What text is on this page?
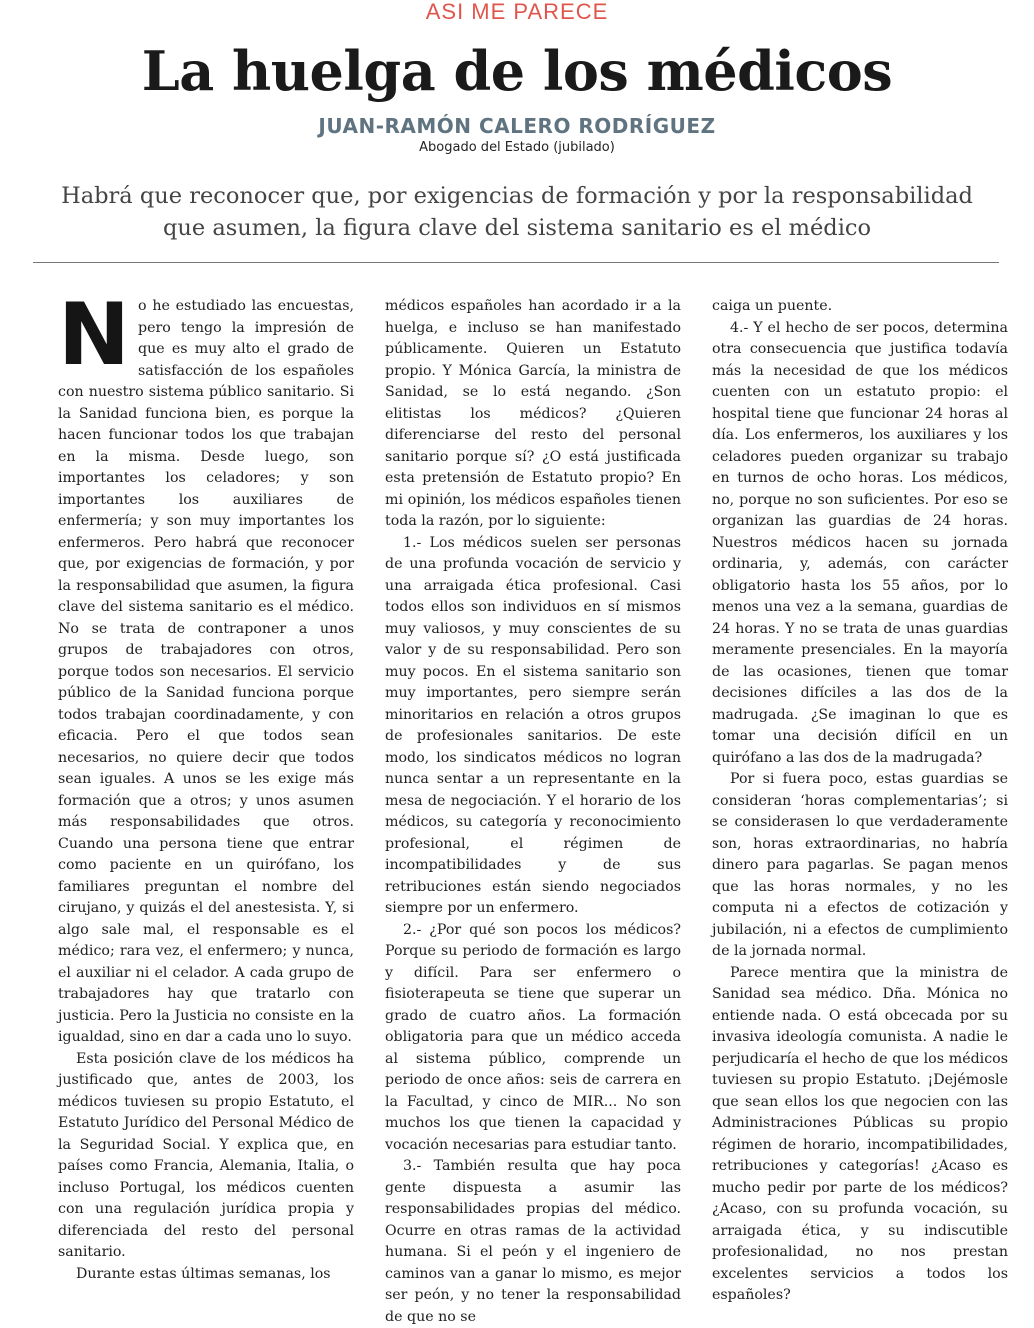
ASI ME PARECE
La huelga de los médicos
JUAN-RAMÓN CALERO RODRÍGUEZ
Abogado del Estado (jubilado)
Habrá que reconocer que, por exigencias de formación y por la responsabilidad que asumen, la figura clave del sistema sanitario es el médico

No he estudiado las encuestas, pero tengo la impresión de que es muy alto el grado de satisfacción de los españoles con nuestro sistema público sanitario. Si la Sanidad funciona bien, es porque la hacen funcionar todos los que trabajan en la misma. Desde luego, son importantes los celadores; y son importantes los auxiliares de enfermería; y son muy importantes los enfermeros. Pero habrá que reconocer que, por exigencias de formación, y por la responsabilidad que asumen, la figura clave del sistema sanitario es el médico. No se trata de contraponer a unos grupos de trabajadores con otros, porque todos son necesarios. El servicio público de la Sanidad funciona porque todos trabajan coordinadamente, y con eficacia. Pero el que todos sean necesarios, no quiere decir que todos sean iguales. A unos se les exige más formación que a otros; y unos asumen más responsabilidades que otros. Cuando una persona tiene que entrar como paciente en un quirófano, los familiares preguntan el nombre del cirujano, y quizás el del anestesista. Y, si algo sale mal, el responsable es el médico; rara vez, el enfermero; y nunca, el auxiliar ni el celador. A cada grupo de trabajadores hay que tratarlo con justicia. Pero la Justicia no consiste en la igualdad, sino en dar a cada uno lo suyo.

Esta posición clave de los médicos ha justificado que, antes de 2003, los médicos tuviesen su propio Estatuto, el Estatuto Jurídico del Personal Médico de la Seguridad Social. Y explica que, en países como Francia, Alemania, Italia, o incluso Portugal, los médicos cuenten con una regulación jurídica propia y diferenciada del resto del personal sanitario.

Durante estas últimas semanas, los

médicos españoles han acordado ir a la huelga, e incluso se han manifestado públicamente. Quieren un Estatuto propio. Y Mónica García, la ministra de Sanidad, se lo está negando. ¿Son elitistas los médicos? ¿Quieren diferenciarse del resto del personal sanitario porque sí? ¿O está justificada esta pretensión de Estatuto propio? En mi opinión, los médicos españoles tienen toda la razón, por lo siguiente:

1.- Los médicos suelen ser personas de una profunda vocación de servicio y una arraigada ética profesional. Casi todos ellos son individuos en sí mismos muy valiosos, y muy conscientes de su valor y de su responsabilidad. Pero son muy pocos. En el sistema sanitario son muy importantes, pero siempre serán minoritarios en relación a otros grupos de profesionales sanitarios. De este modo, los sindicatos médicos no logran nunca sentar a un representante en la mesa de negociación. Y el horario de los médicos, su categoría y reconocimiento profesional, el régimen de incompatibilidades y de sus retribuciones están siendo negociados siempre por un enfermero.

2.- ¿Por qué son pocos los médicos? Porque su periodo de formación es largo y difícil. Para ser enfermero o fisioterapeuta se tiene que superar un grado de cuatro años. La formación obligatoria para que un médico acceda al sistema público, comprende un periodo de once años: seis de carrera en la Facultad, y cinco de MIR... No son muchos los que tienen la capacidad y vocación necesarias para estudiar tanto.

3.- También resulta que hay poca gente dispuesta a asumir las responsabilidades propias del médico. Ocurre en otras ramas de la actividad humana. Si el peón y el ingeniero de caminos van a ganar lo mismo, es mejor ser peón, y no tener la responsabilidad de que no se

caiga un puente.

4.- Y el hecho de ser pocos, determina otra consecuencia que justifica todavía más la necesidad de que los médicos cuenten con un estatuto propio: el hospital tiene que funcionar 24 horas al día. Los enfermeros, los auxiliares y los celadores pueden organizar su trabajo en turnos de ocho horas. Los médicos, no, porque no son suficientes. Por eso se organizan las guardias de 24 horas. Nuestros médicos hacen su jornada ordinaria, y, además, con carácter obligatorio hasta los 55 años, por lo menos una vez a la semana, guardias de 24 horas. Y no se trata de unas guardias meramente presenciales. En la mayoría de las ocasiones, tienen que tomar decisiones difíciles a las dos de la madrugada. ¿Se imaginan lo que es tomar una decisión difícil en un quirófano a las dos de la madrugada?

Por si fuera poco, estas guardias se consideran ‘horas complementarias’; si se considerasen lo que verdaderamente son, horas extraordinarias, no habría dinero para pagarlas. Se pagan menos que las horas normales, y no les computa ni a efectos de cotización y jubilación, ni a efectos de cumplimiento de la jornada normal.

Parece mentira que la ministra de Sanidad sea médico. Dña. Mónica no entiende nada. O está obcecada por su invasiva ideología comunista. A nadie le perjudicaría el hecho de que los médicos tuviesen su propio Estatuto. ¡Dejémosle que sean ellos los que negocien con las Administraciones Públicas su propio régimen de horario, incompatibilidades, retribuciones y categorías! ¿Acaso es mucho pedir por parte de los médicos? ¿Acaso, con su profunda vocación, su arraigada ética, y su indiscutible profesionalidad, no nos prestan excelentes servicios a todos los españoles?
